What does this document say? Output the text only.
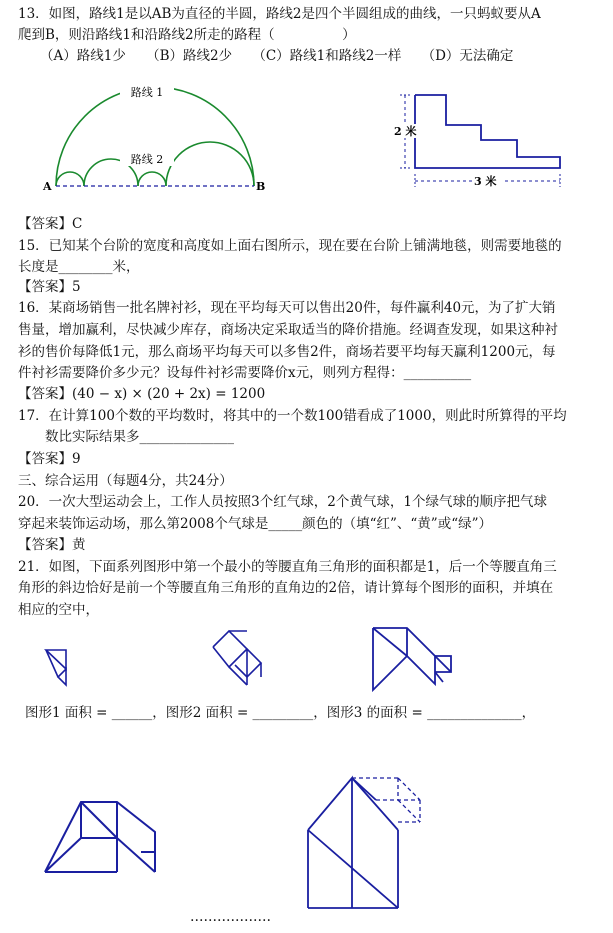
13．如图，路线1是以AB为直径的半圆，路线2是四个半圆组成的曲线，一只蚂蚁要从A
爬到B，则沿路线1和沿路线2所走的路程（　　　　　）
（A）路线1少　　（B）路线2少　　（C）路线1和路线2一样　　（D）无法确定
路线 1
路线 2
A	B
2 米
3 米
【答案】C
15．已知某个台阶的宽度和高度如上面右图所示，现在要在台阶上铺满地毯，则需要地毯的
长度是________米，
【答案】5
16．某商场销售一批名牌衬衫，现在平均每天可以售出20件，每件赢利40元，为了扩大销
售量，增加赢利，尽快减少库存，商场决定采取适当的降价措施。经调查发现，如果这种衬
衫的售价每降低1元，那么商场平均每天可以多售2件，商场若要平均每天赢利1200元，每
件衬衫需要降价多少元？设每件衬衫需要降价x元，则列方程得：__________
【答案】(40 − x) × (20 + 2x) = 1200
17．在计算100个数的平均数时，将其中的一个数100错看成了1000，则此时所算得的平均
　　数比实际结果多______________
【答案】9
三、综合运用（每题4分，共24分）
20．一次大型运动会上，工作人员按照3个红气球，2个黄气球，1个绿气球的顺序把气球
穿起来装饰运动场，那么第2008个气球是_____颜色的（填“红”、“黄”或“绿”）
【答案】黄
21．如图，下面系列图形中第一个最小的等腰直角三角形的面积都是1，后一个等腰直角三
角形的斜边恰好是前一个等腰直角三角形的直角边的2倍，请计算每个图形的面积，并填在
相应的空中，
图形1 面积 = ______，图形2 面积 = _________，图形3 的面积 = ______________，
………………
